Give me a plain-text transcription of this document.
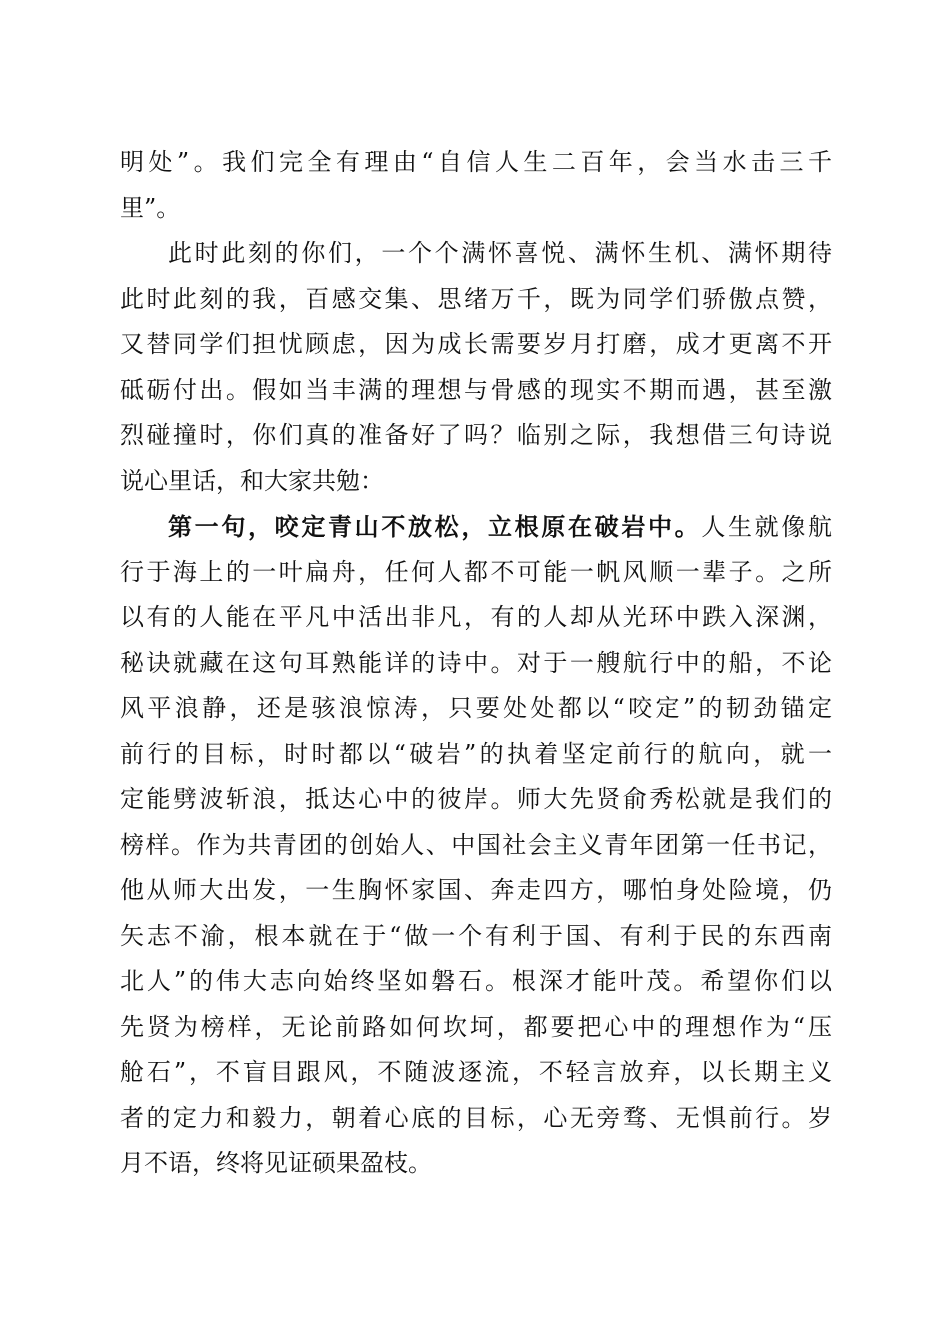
明处”。我们完全有理由“自信人生二百年，会当水击三千
里”。
此时此刻的你们，一个个满怀喜悦、满怀生机、满怀期待
此时此刻的我，百感交集、思绪万千，既为同学们骄傲点赞，
又替同学们担忧顾虑，因为成长需要岁月打磨，成才更离不开
砥砺付出。假如当丰满的理想与骨感的现实不期而遇，甚至激
烈碰撞时，你们真的准备好了吗？临别之际，我想借三句诗说
说心里话，和大家共勉：
第一句，咬定青山不放松，立根原在破岩中。人生就像航
行于海上的一叶扁舟，任何人都不可能一帆风顺一辈子。之所
以有的人能在平凡中活出非凡，有的人却从光环中跌入深渊，
秘诀就藏在这句耳熟能详的诗中。对于一艘航行中的船，不论
风平浪静，还是骇浪惊涛，只要处处都以“咬定”的韧劲锚定
前行的目标，时时都以“破岩”的执着坚定前行的航向，就一
定能劈波斩浪，抵达心中的彼岸。师大先贤俞秀松就是我们的
榜样。作为共青团的创始人、中国社会主义青年团第一任书记，
他从师大出发，一生胸怀家国、奔走四方，哪怕身处险境，仍
矢志不渝，根本就在于“做一个有利于国、有利于民的东西南
北人”的伟大志向始终坚如磐石。根深才能叶茂。希望你们以
先贤为榜样，无论前路如何坎坷，都要把心中的理想作为“压
舱石”，不盲目跟风，不随波逐流，不轻言放弃，以长期主义
者的定力和毅力，朝着心底的目标，心无旁骛、无惧前行。岁
月不语，终将见证硕果盈枝。
